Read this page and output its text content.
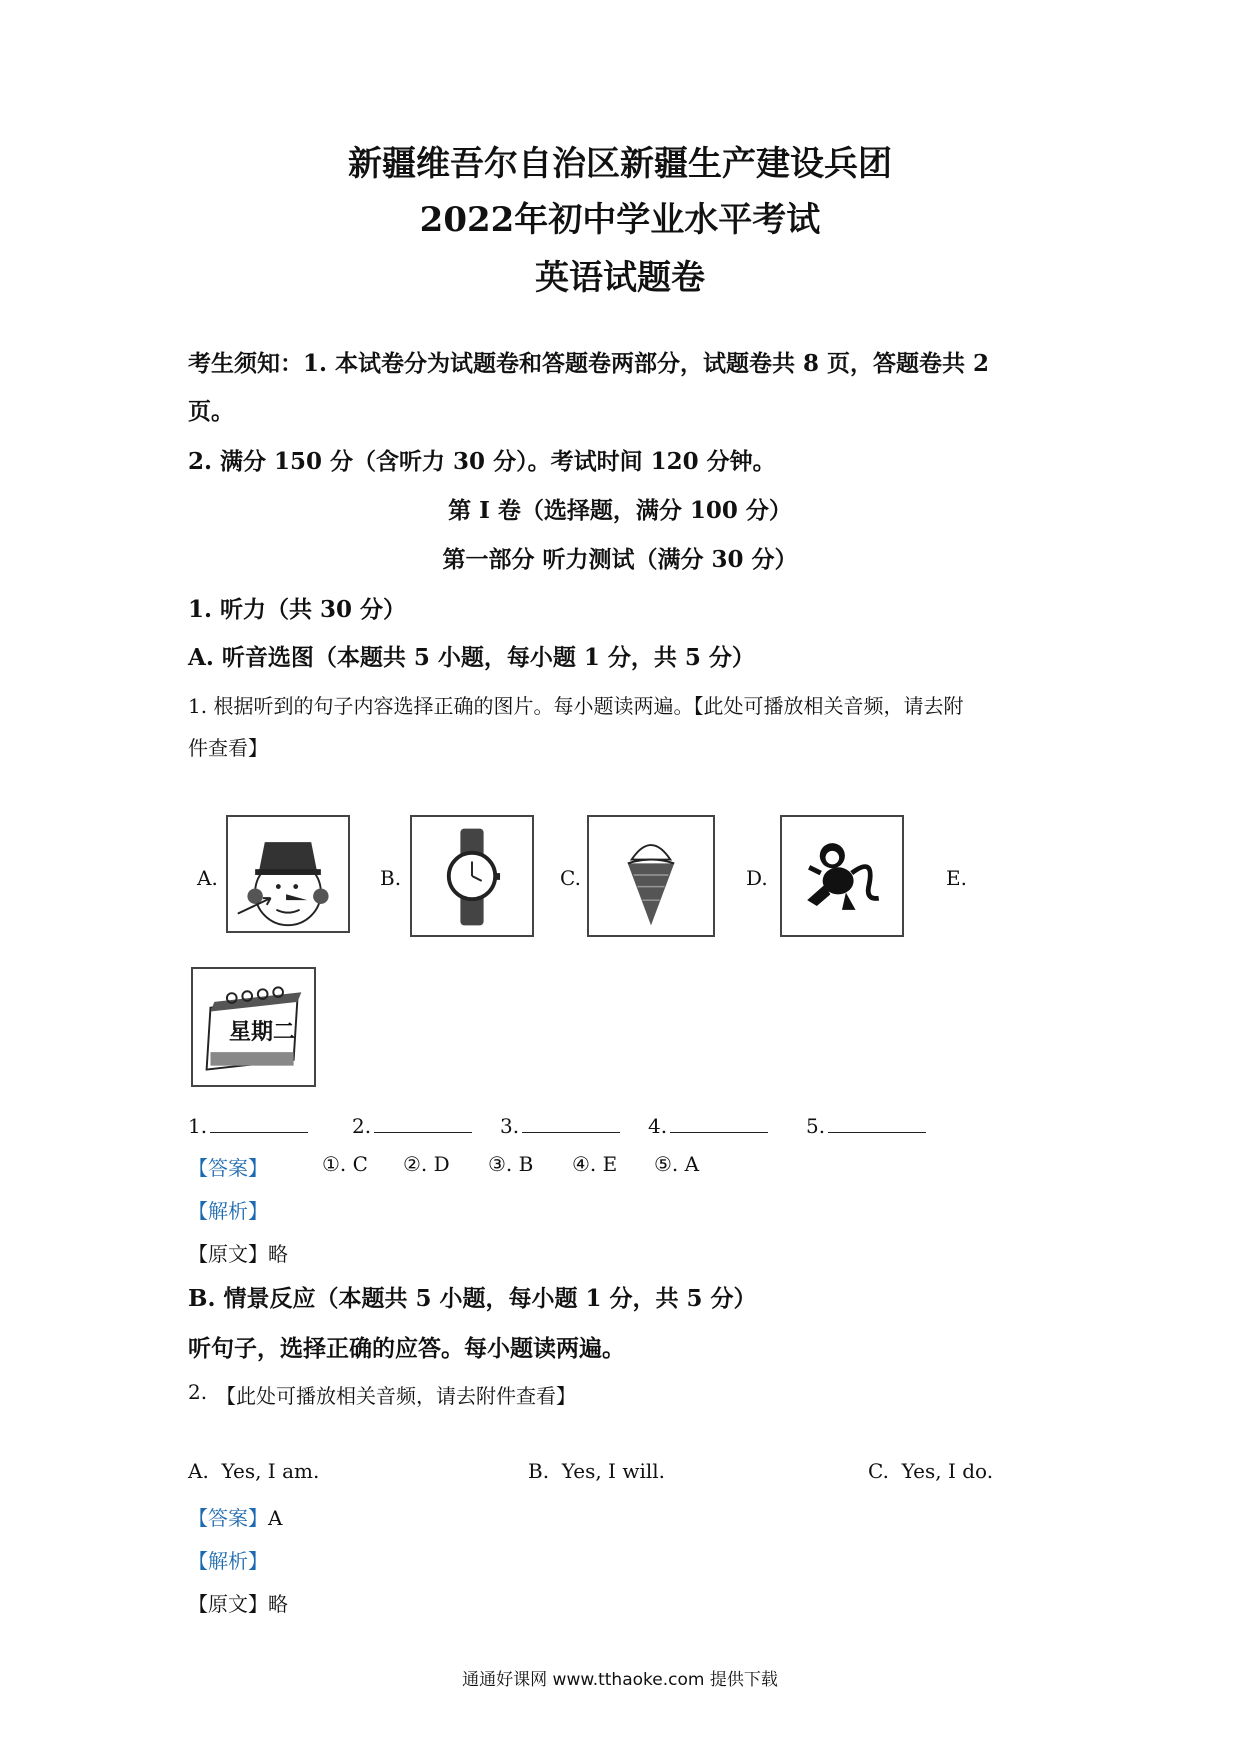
新疆维吾尔自治区新疆生产建设兵团
2022年初中学业水平考试
英语试题卷
考生须知：1. 本试卷分为试题卷和答题卷两部分，试题卷共 8 页，答题卷共 2
页。
2. 满分 150 分（含听力 30 分）。考试时间 120 分钟。
第 I 卷（选择题，满分 100 分）
第一部分 听力测试（满分 30 分）
1. 听力（共 30 分）
A. 听音选图（本题共 5 小题，每小题 1 分，共 5 分）
1. 根据听到的句子内容选择正确的图片。每小题读两遍。【此处可播放相关音频，请去附
件查看】
A.	B.	C.	D.	E.
星期二
1.	2.	3.	4.	5.
【答案】	①. C ②. D ③. B ④. E ⑤. A
【解析】
【原文】略
B. 情景反应（本题共 5 小题，每小题 1 分，共 5 分）
听句子，选择正确的应答。每小题读两遍。
2. 【此处可播放相关音频，请去附件查看】
A. Yes, I am.	B. Yes, I will.	C. Yes, I do.
【答案】A
【解析】
【原文】略
通通好课网 www.tthaoke.com 提供下载
